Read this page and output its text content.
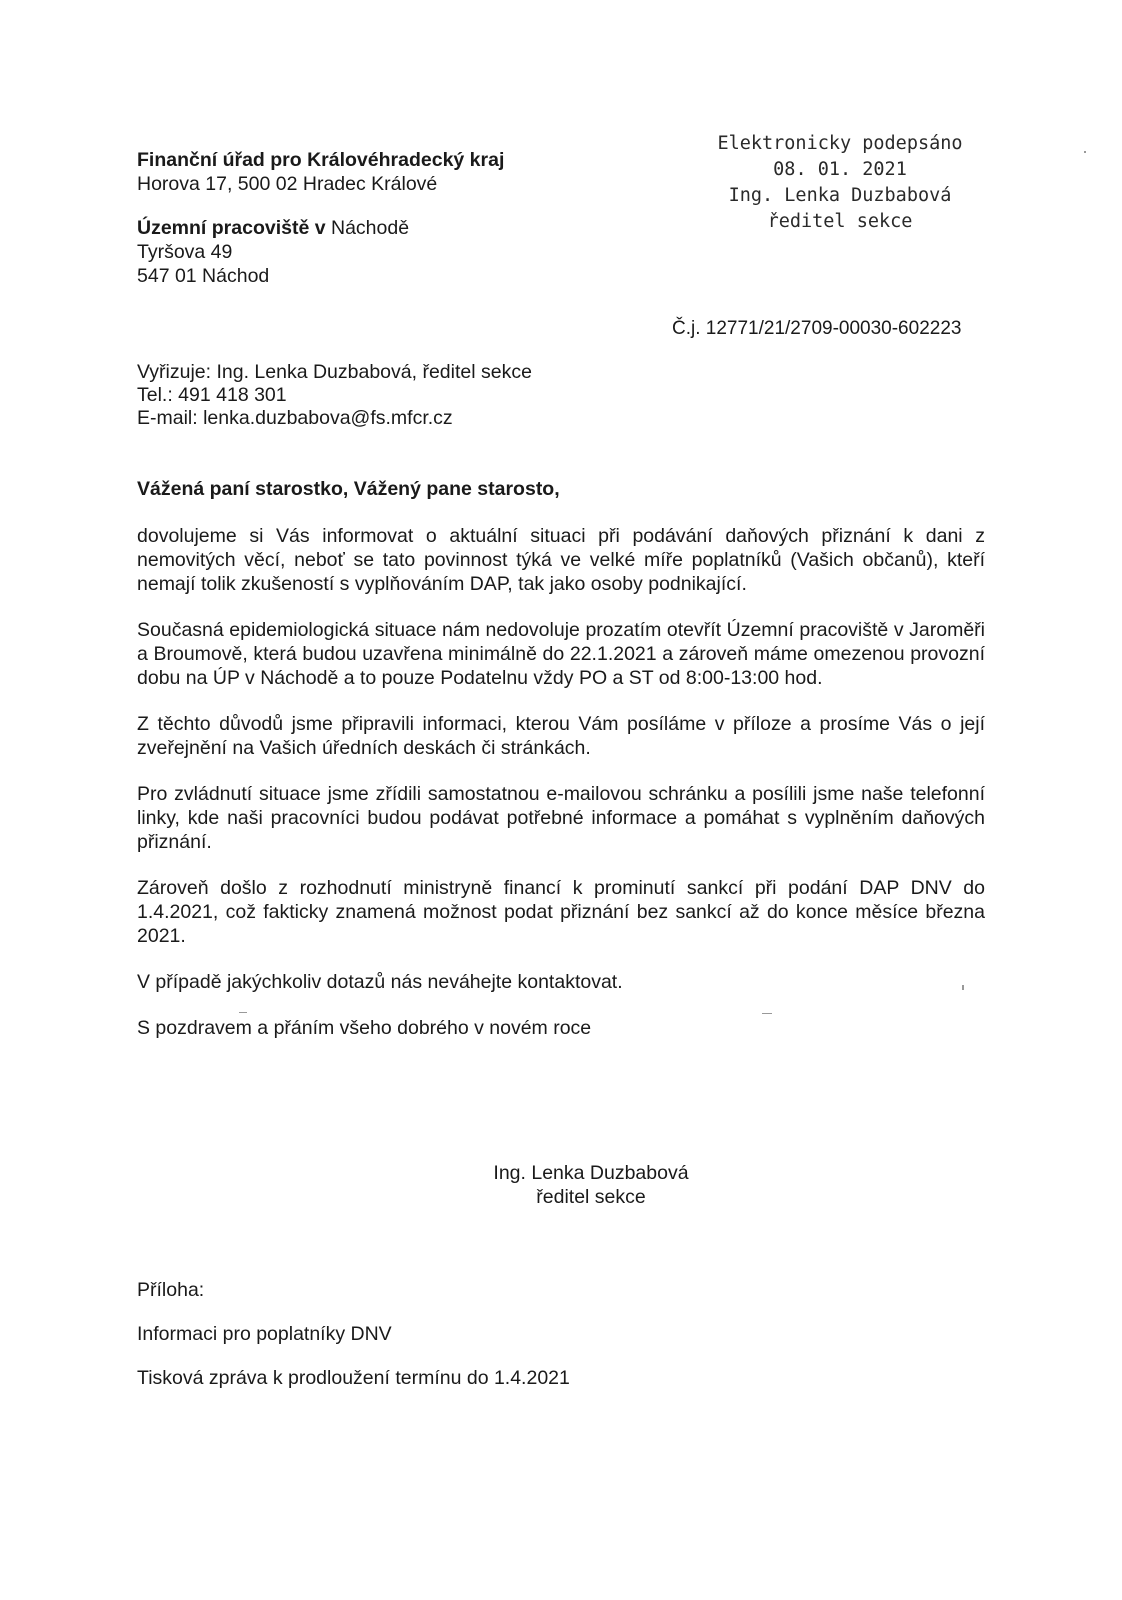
Finanční úřad pro Královéhradecký kraj
Horova 17, 500 02 Hradec Králové
Územní pracoviště v Náchodě
Tyršova 49
547 01 Náchod
Elektronicky podepsáno
08. 01. 2021
Ing. Lenka Duzbabová
ředitel sekce
Č.j. 12771/21/2709-00030-602223
Vyřizuje: Ing. Lenka Duzbabová, ředitel sekce
Tel.: 491 418 301
E-mail: lenka.duzbabova@fs.mfcr.cz
Vážená paní starostko, Vážený pane starosto,

dovolujeme si Vás informovat o aktuální situaci při podávání daňových přiznání k dani z nemovitých věcí, neboť se tato povinnost týká ve velké míře poplatníků (Vašich občanů), kteří nemají tolik zkušeností s vyplňováním DAP, tak jako osoby podnikající.

Současná epidemiologická situace nám nedovoluje prozatím otevřít Územní pracoviště v Jaroměři a Broumově, která budou uzavřena minimálně do 22.1.2021 a zároveň máme omezenou provozní dobu na ÚP v Náchodě a to pouze Podatelnu vždy PO a ST od 8:00-13:00 hod.

Z těchto důvodů jsme připravili informaci, kterou Vám posíláme v příloze a prosíme Vás o její zveřejnění na Vašich úředních deskách či stránkách.

Pro zvládnutí situace jsme zřídili samostatnou e-mailovou schránku a posílili jsme naše telefonní linky, kde naši pracovníci budou podávat potřebné informace a pomáhat s vyplněním daňových přiznání.

Zároveň došlo z rozhodnutí ministryně financí k prominutí sankcí při podání DAP DNV do 1.4.2021, což fakticky znamená možnost podat přiznání bez sankcí až do konce měsíce března 2021.

V případě jakýchkoliv dotazů nás neváhejte kontaktovat.

S pozdravem a přáním všeho dobrého v novém roce

Ing. Lenka Duzbabová
ředitel sekce
Příloha:
Informaci pro poplatníky DNV
Tisková zpráva k prodloužení termínu do 1.4.2021
